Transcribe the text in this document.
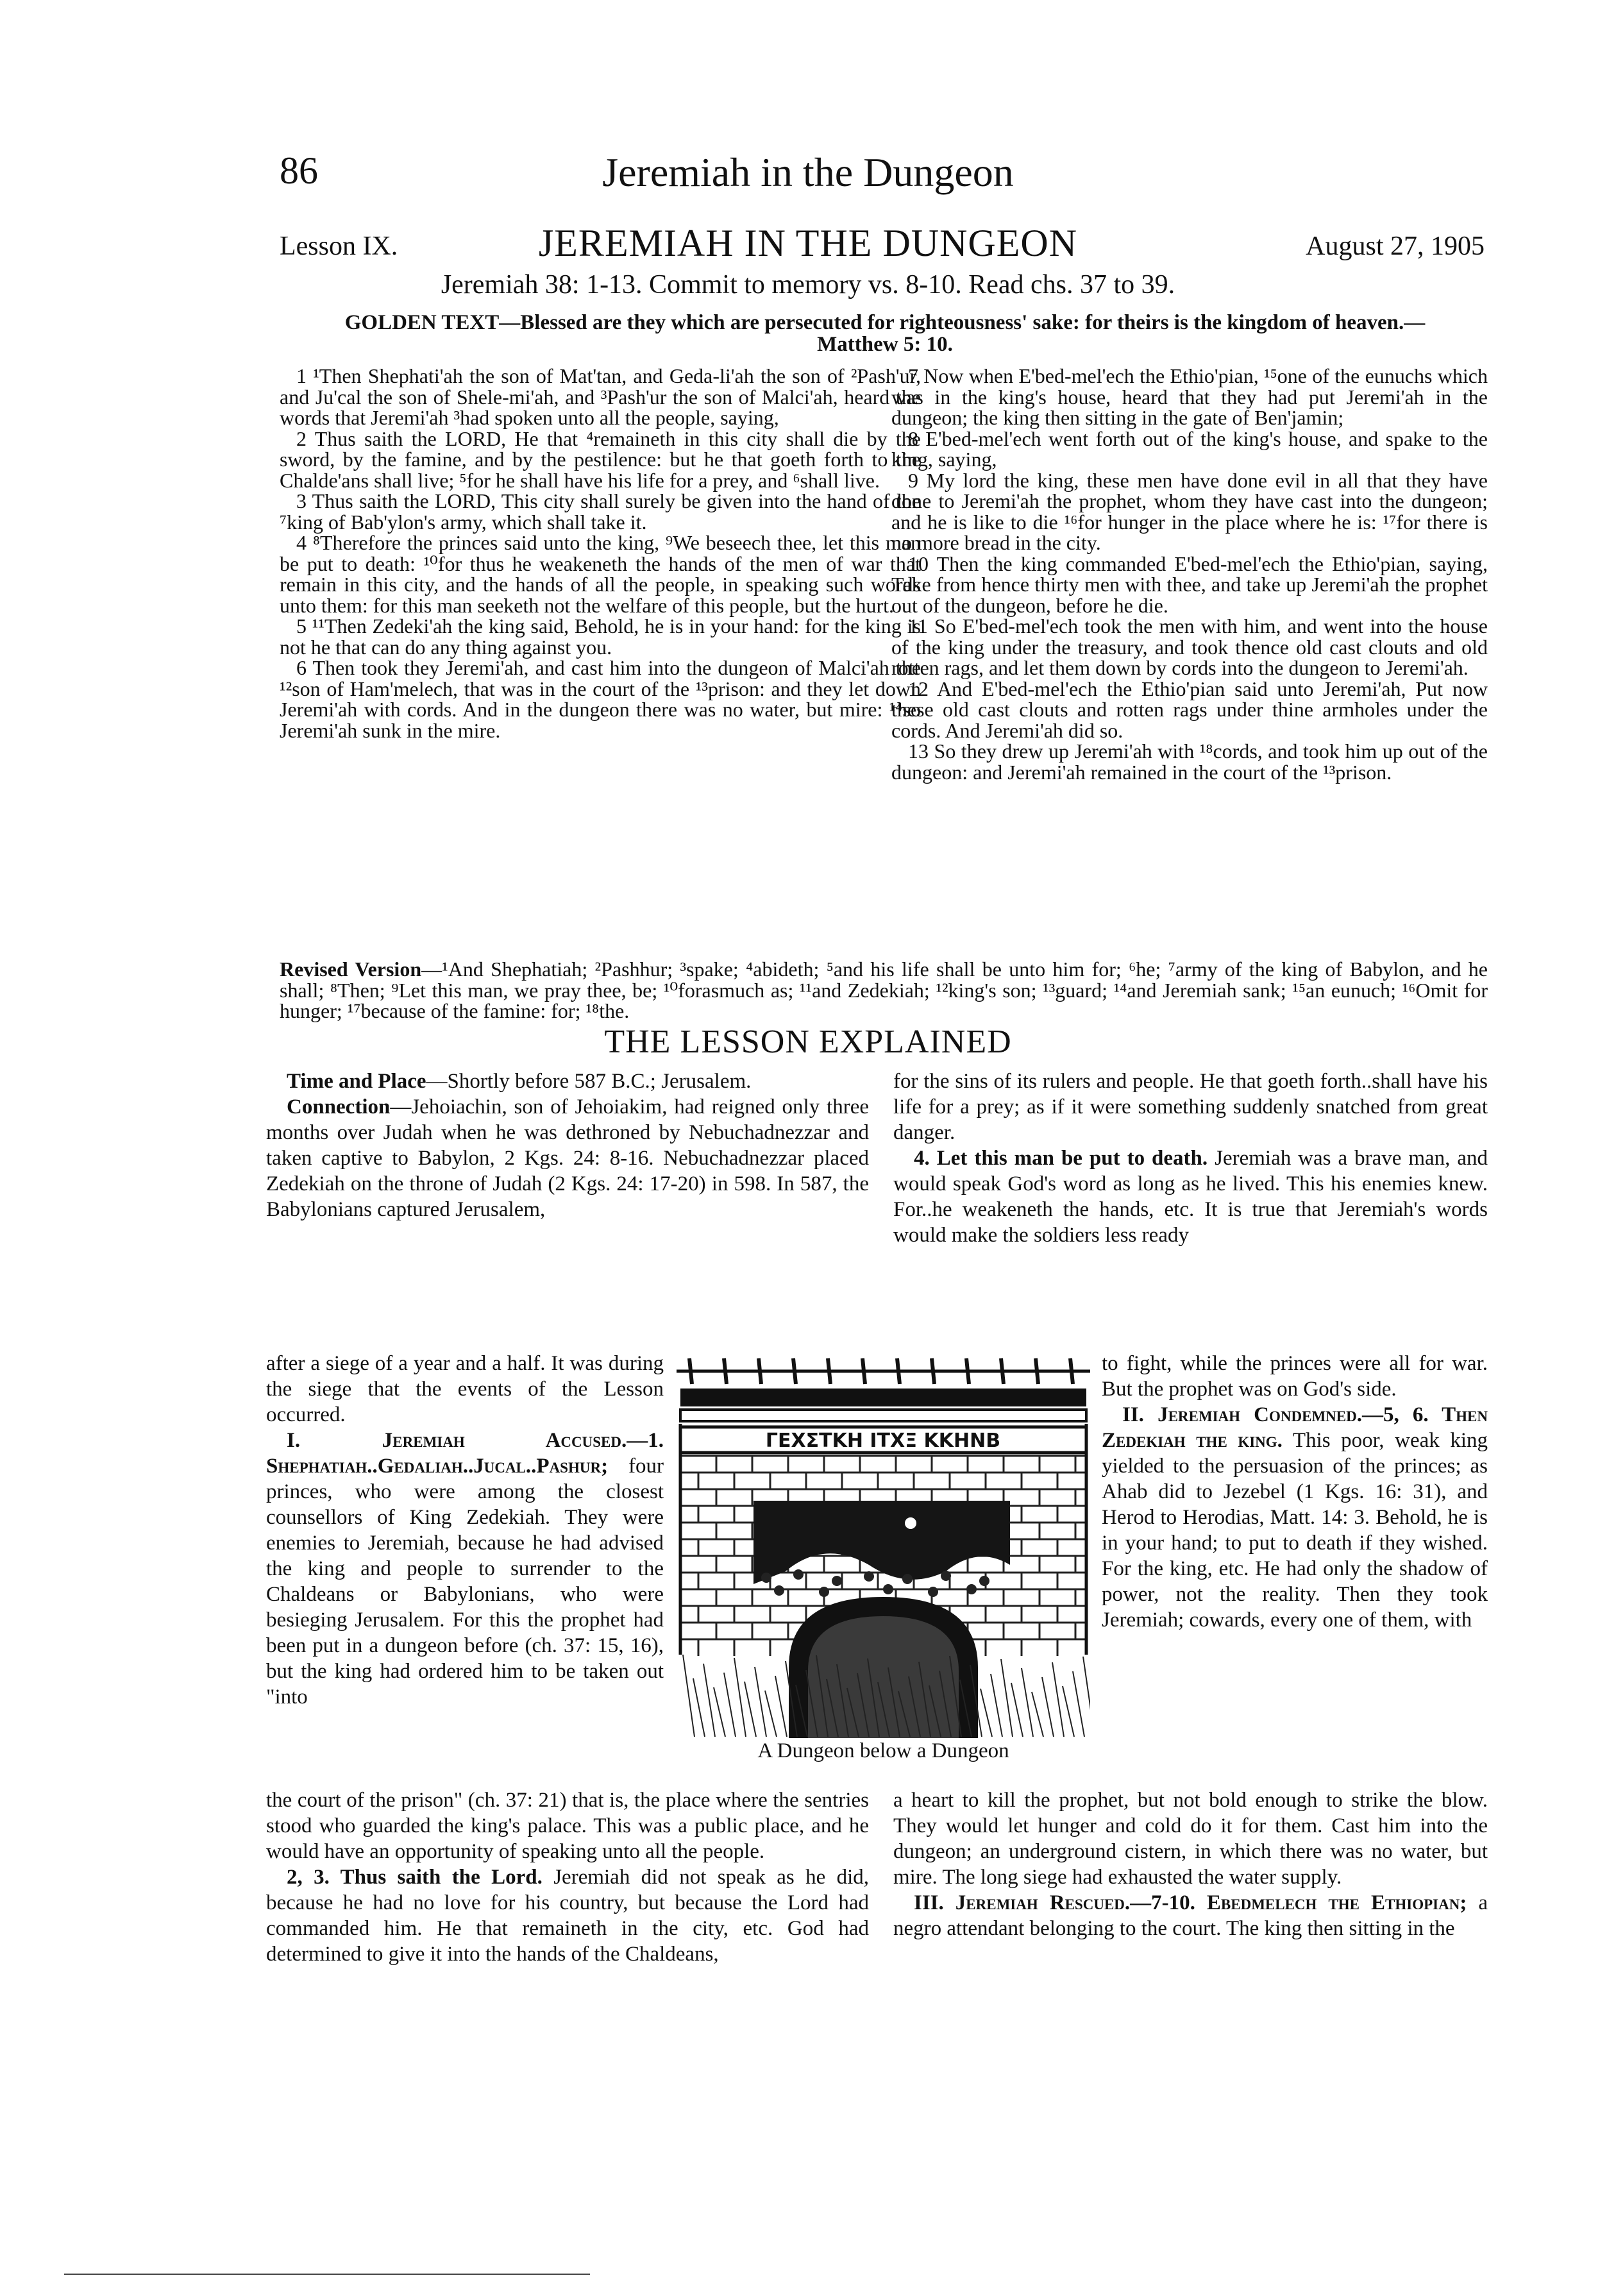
86	Jeremiah in the Dungeon
Lesson IX.	JEREMIAH IN THE DUNGEON	August 27, 1905
Jeremiah 38: 1-13. Commit to memory vs. 8-10. Read chs. 37 to 39.
GOLDEN TEXT—Blessed are they which are persecuted for righteousness' sake: for theirs is the kingdom of heaven.—Matthew 5: 10.

1 ¹Then Shephati'ah the son of Mat'tan, and Geda-li'ah the son of ²Pash'ur, and Ju'cal the son of Shele-mi'ah, and ³Pash'ur the son of Malci'ah, heard the words that Jeremi'ah ³had spoken unto all the people, saying,

2 Thus saith the LORD, He that ⁴remaineth in this city shall die by the sword, by the famine, and by the pestilence: but he that goeth forth to the Chalde'ans shall live; ⁵for he shall have his life for a prey, and ⁶shall live.

3 Thus saith the LORD, This city shall surely be given into the hand of the ⁷king of Bab'ylon's army, which shall take it.

4 ⁸Therefore the princes said unto the king, ⁹We beseech thee, let this man be put to death: ¹⁰for thus he weakeneth the hands of the men of war that remain in this city, and the hands of all the people, in speaking such words unto them: for this man seeketh not the welfare of this people, but the hurt.

5 ¹¹Then Zedeki'ah the king said, Behold, he is in your hand: for the king is not he that can do any thing against you.

6 Then took they Jeremi'ah, and cast him into the dungeon of Malci'ah the ¹²son of Ham'melech, that was in the court of the ¹³prison: and they let down Jeremi'ah with cords. And in the dungeon there was no water, but mire: ¹⁴so Jeremi'ah sunk in the mire.

7 Now when E'bed-mel'ech the Ethio'pian, ¹⁵one of the eunuchs which was in the king's house, heard that they had put Jeremi'ah in the dungeon; the king then sitting in the gate of Ben'jamin;

8 E'bed-mel'ech went forth out of the king's house, and spake to the king, saying,

9 My lord the king, these men have done evil in all that they have done to Jeremi'ah the prophet, whom they have cast into the dungeon; and he is like to die ¹⁶for hunger in the place where he is: ¹⁷for there is no more bread in the city.

10 Then the king commanded E'bed-mel'ech the Ethio'pian, saying, Take from hence thirty men with thee, and take up Jeremi'ah the prophet out of the dungeon, before he die.

11 So E'bed-mel'ech took the men with him, and went into the house of the king under the treasury, and took thence old cast clouts and old rotten rags, and let them down by cords into the dungeon to Jeremi'ah.

12 And E'bed-mel'ech the Ethio'pian said unto Jeremi'ah, Put now these old cast clouts and rotten rags under thine armholes under the cords. And Jeremi'ah did so.

13 So they drew up Jeremi'ah with ¹⁸cords, and took him up out of the dungeon: and Jeremi'ah remained in the court of the ¹³prison.

Revised Version—¹And Shephatiah; ²Pashhur; ³spake; ⁴abideth; ⁵and his life shall be unto him for; ⁶he; ⁷army of the king of Babylon, and he shall; ⁸Then; ⁹Let this man, we pray thee, be; ¹⁰forasmuch as; ¹¹and Zedekiah; ¹²king's son; ¹³guard; ¹⁴and Jeremiah sank; ¹⁵an eunuch; ¹⁶Omit for hunger; ¹⁷because of the famine: for; ¹⁸the.
THE LESSON EXPLAINED

Time and Place—Shortly before 587 B.C.; Jerusalem.

Connection—Jehoiachin, son of Jehoiakim, had reigned only three months over Judah when he was dethroned by Nebuchadnezzar and taken captive to Babylon, 2 Kgs. 24: 8-16. Nebuchadnezzar placed Zedekiah on the throne of Judah (2 Kgs. 24: 17-20) in 598. In 587, the Babylonians captured Jerusalem,

after a siege of a year and a half. It was during the siege that the events of the Lesson occurred.

I. Jeremiah Accused.—1. Shephatiah..Gedaliah..Jucal..Pashur; four princes, who were among the closest counsellors of King Zedekiah. They were enemies to Jeremiah, because he had advised the king and people to surrender to the Chaldeans or Babylonians, who were besieging Jerusalem. For this the prophet had been put in a dungeon before (ch. 37: 15, 16), but the king had ordered him to be taken out "into

ΓΕΧΣΤΚΗ ΙΤΧΞ ΚΚΗΝΒ
A Dungeon below a Dungeon

the court of the prison" (ch. 37: 21) that is, the place where the sentries stood who guarded the king's palace. This was a public place, and he would have an opportunity of speaking unto all the people.

2, 3. Thus saith the Lord. Jeremiah did not speak as he did, because he had no love for his country, but because the Lord had commanded him. He that remaineth in the city, etc. God had determined to give it into the hands of the Chaldeans,

for the sins of its rulers and people. He that goeth forth..shall have his life for a prey; as if it were something suddenly snatched from great danger.

4. Let this man be put to death. Jeremiah was a brave man, and would speak God's word as long as he lived. This his enemies knew. For..he weakeneth the hands, etc. It is true that Jeremiah's words would make the soldiers less ready

to fight, while the princes were all for war. But the prophet was on God's side.

II. Jeremiah Condemned.—5, 6. Then Zedekiah the king. This poor, weak king yielded to the persuasion of the princes; as Ahab did to Jezebel (1 Kgs. 16: 31), and Herod to Herodias, Matt. 14: 3. Behold, he is in your hand; to put to death if they wished. For the king, etc. He had only the shadow of power, not the reality. Then they took Jeremiah; cowards, every one of them, with

a heart to kill the prophet, but not bold enough to strike the blow. They would let hunger and cold do it for them. Cast him into the dungeon; an underground cistern, in which there was no water, but mire. The long siege had exhausted the water supply.

III. Jeremiah Rescued.—7-10. Ebedmelech the Ethiopian; a negro attendant belonging to the court. The king then sitting in the
